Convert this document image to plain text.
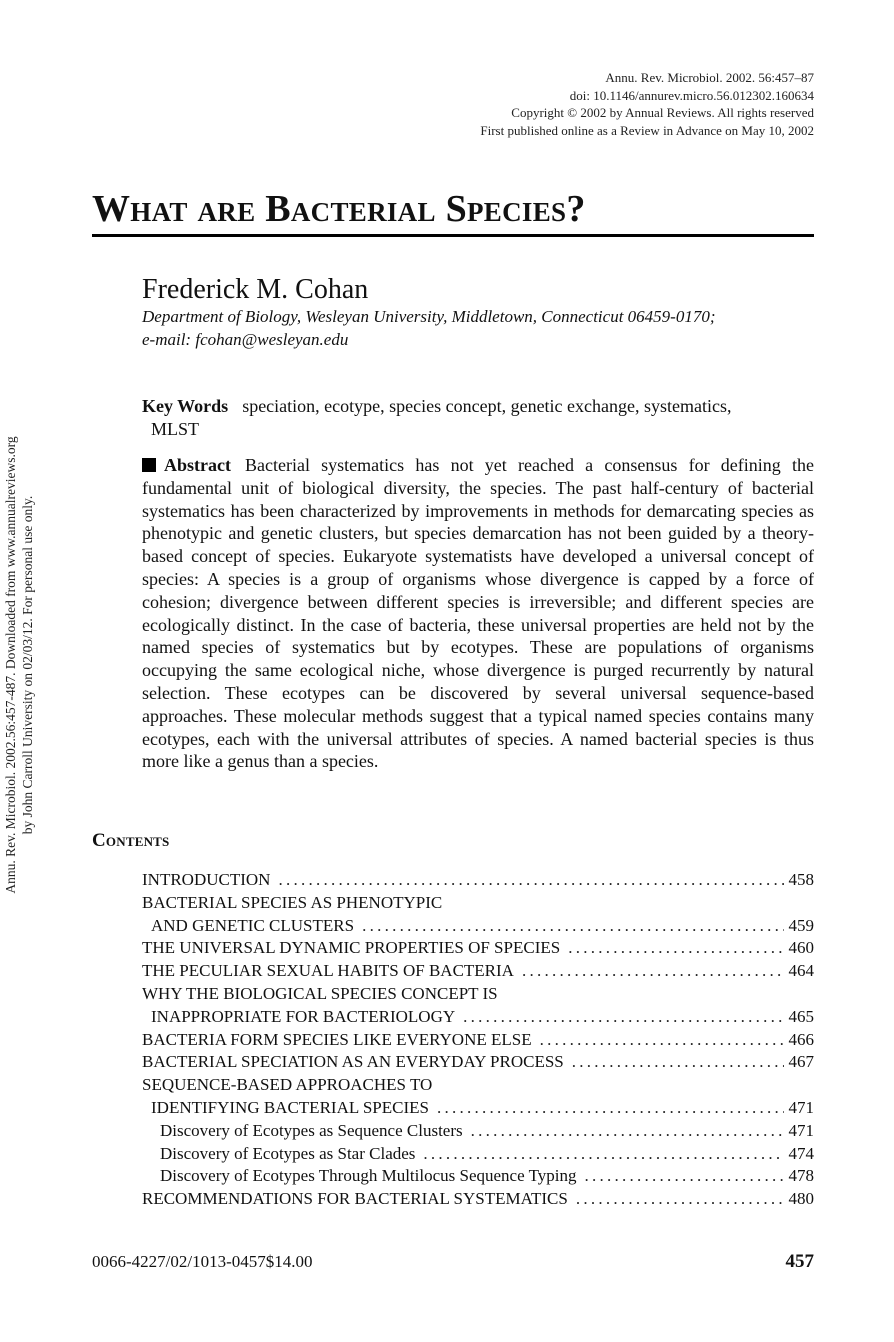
Annu. Rev. Microbiol. 2002. 56:457–87
doi: 10.1146/annurev.micro.56.012302.160634
Copyright © 2002 by Annual Reviews. All rights reserved
First published online as a Review in Advance on May 10, 2002
Annu. Rev. Microbiol. 2002.56:457-487. Downloaded from www.annualreviews.org by John Carroll University on 02/03/12. For personal use only.
What are Bacterial Species?
Frederick M. Cohan
Department of Biology, Wesleyan University, Middletown, Connecticut 06459-0170;
e-mail: fcohan@wesleyan.edu
Key Words speciation, ecotype, species concept, genetic exchange, systematics,
MLST

Abstract Bacterial systematics has not yet reached a consensus for defining the fundamental unit of biological diversity, the species. The past half-century of bacterial systematics has been characterized by improvements in methods for demarcating species as phenotypic and genetic clusters, but species demarcation has not been guided by a theory-based concept of species. Eukaryote systematists have developed a universal concept of species: A species is a group of organisms whose divergence is capped by a force of cohesion; divergence between different species is irreversible; and different species are ecologically distinct. In the case of bacteria, these universal properties are held not by the named species of systematics but by ecotypes. These are populations of organisms occupying the same ecological niche, whose divergence is purged recurrently by natural selection. These ecotypes can be discovered by several universal sequence-based approaches. These molecular methods suggest that a typical named species contains many ecotypes, each with the universal attributes of species. A named bacterial species is thus more like a genus than a species.

Contents
INTRODUCTION . . .	458
BACTERIAL SPECIES AS PHENOTYPIC
AND GENETIC CLUSTERS . . .	459
THE UNIVERSAL DYNAMIC PROPERTIES OF SPECIES . . .	460
THE PECULIAR SEXUAL HABITS OF BACTERIA . . .	464
WHY THE BIOLOGICAL SPECIES CONCEPT IS
INAPPROPRIATE FOR BACTERIOLOGY . . .	465
BACTERIA FORM SPECIES LIKE EVERYONE ELSE . . .	466
BACTERIAL SPECIATION AS AN EVERYDAY PROCESS . . .	467
SEQUENCE-BASED APPROACHES TO
IDENTIFYING BACTERIAL SPECIES . . .	471
Discovery of Ecotypes as Sequence Clusters . . .	471
Discovery of Ecotypes as Star Clades . . .	474
Discovery of Ecotypes Through Multilocus Sequence Typing . . .	478
RECOMMENDATIONS FOR BACTERIAL SYSTEMATICS . . .	480
0066-4227/02/1013-0457$14.00	457
